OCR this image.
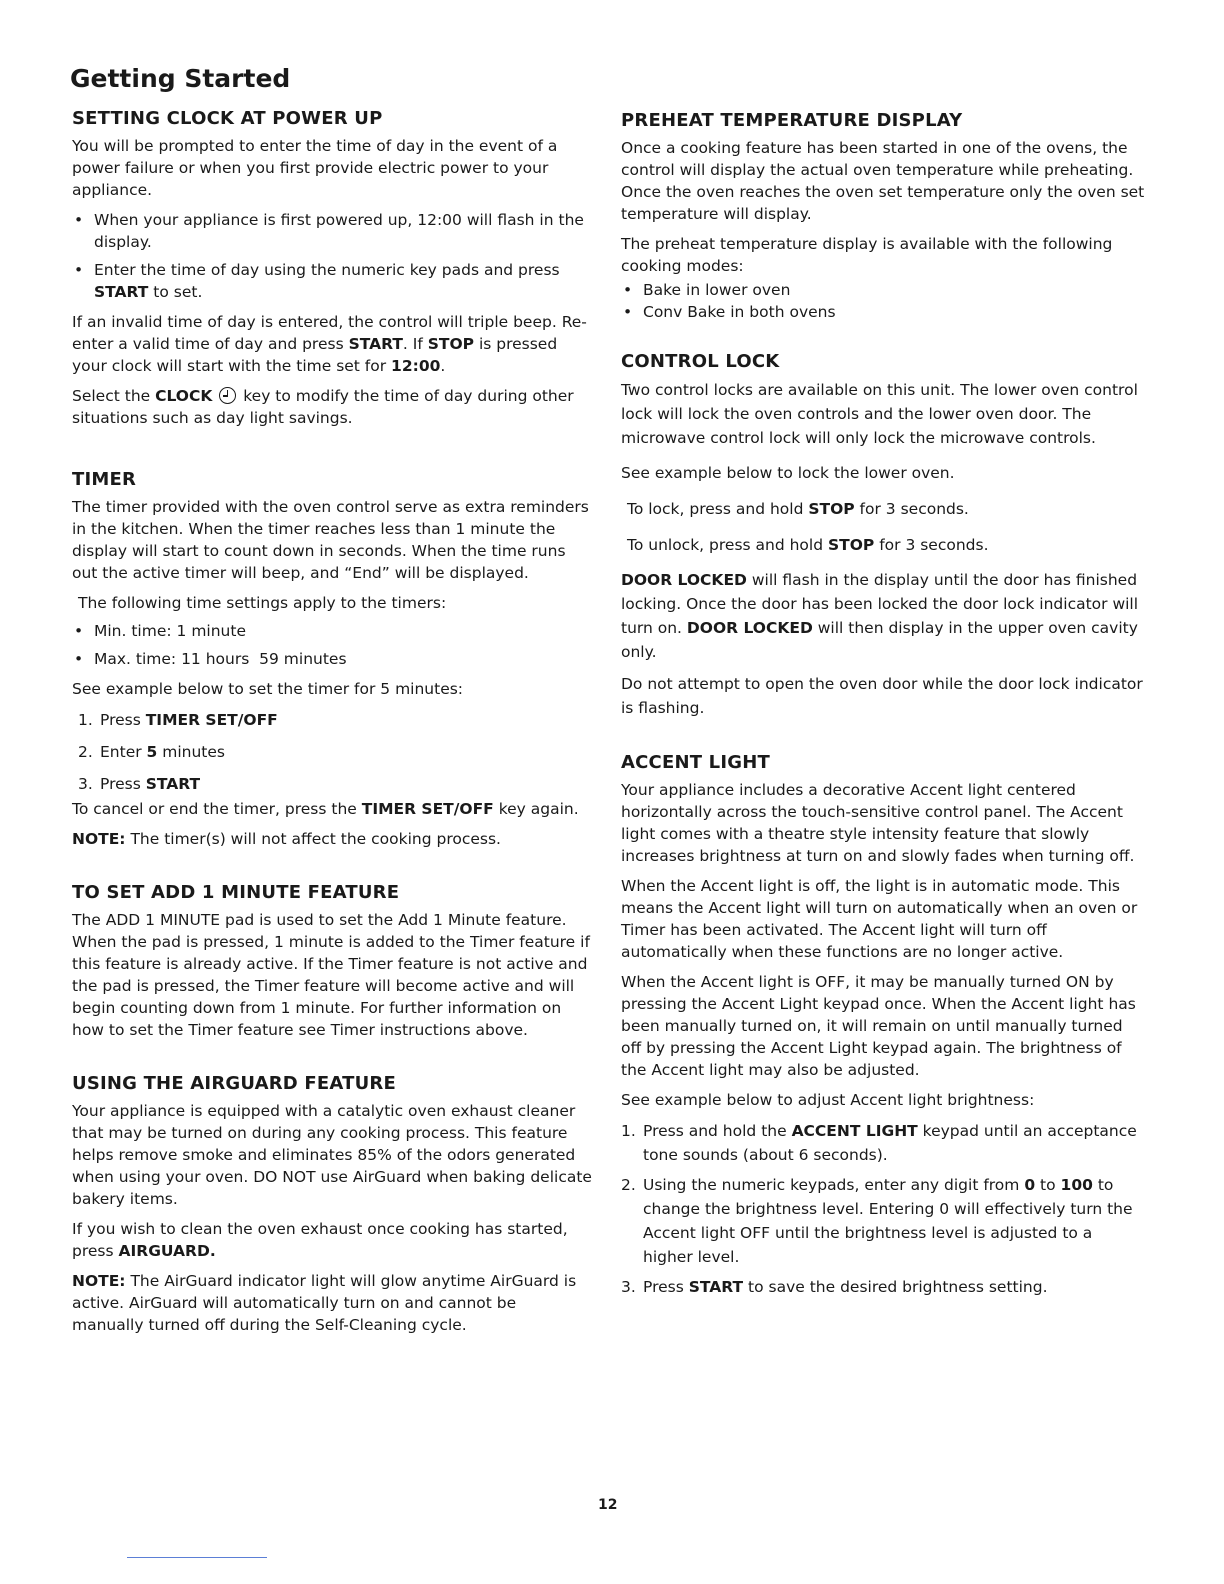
Getting Started
SETTING CLOCK AT POWER UP

You will be prompted to enter the time of day in the event of a power failure or when you first provide electric power to your appliance.

• When your appliance is first powered up, 12:00 will flash in the display.
• Enter the time of day using the numeric key pads and press START to set.

If an invalid time of day is entered, the control will triple beep. Re-enter a valid time of day and press START. If STOP is pressed your clock will start with the time set for 12:00.

Select the CLOCK  key to modify the time of day during other situations such as day light savings.

TIMER

The timer provided with the oven control serve as extra reminders in the kitchen. When the timer reaches less than 1 minute the display will start to count down in seconds. When the time runs out the active timer will beep, and “End” will be displayed.

The following time settings apply to the timers:

• Min. time: 1 minute
• Max. time: 11 hours  59 minutes

See example below to set the timer for 5 minutes:

1. Press TIMER SET/OFF
2. Enter 5 minutes
3. Press START

To cancel or end the timer, press the TIMER SET/OFF key again.

NOTE: The timer(s) will not affect the cooking process.

TO SET ADD 1 MINUTE FEATURE

The ADD 1 MINUTE pad is used to set the Add 1 Minute feature. When the pad is pressed, 1 minute is added to the Timer feature if this feature is already active. If the Timer feature is not active and the pad is pressed, the Timer feature will become active and will begin counting down from 1 minute. For further information on how to set the Timer feature see Timer instructions above.

USING THE AIRGUARD FEATURE

Your appliance is equipped with a catalytic oven exhaust cleaner that may be turned on during any cooking process. This feature helps remove smoke and eliminates 85% of the odors generated when using your oven. DO NOT use AirGuard when baking delicate bakery items.

If you wish to clean the oven exhaust once cooking has started, press AIRGUARD.

NOTE: The AirGuard indicator light will glow anytime AirGuard is active. AirGuard will automatically turn on and cannot be manually turned off during the Self-Cleaning cycle.

PREHEAT TEMPERATURE DISPLAY

Once a cooking feature has been started in one of the ovens, the control will display the actual oven temperature while preheating. Once the oven reaches the oven set temperature only the oven set temperature will display.

The preheat temperature display is available with the following cooking modes:

• Bake in lower oven
• Conv Bake in both ovens
CONTROL LOCK

Two control locks are available on this unit. The lower oven control lock will lock the oven controls and the lower oven door. The microwave control lock will only lock the microwave controls.

See example below to lock the lower oven.

To lock, press and hold STOP for 3 seconds.

To unlock, press and hold STOP for 3 seconds.

DOOR LOCKED will flash in the display until the door has finished locking. Once the door has been locked the door lock indicator will turn on. DOOR LOCKED will then display in the upper oven cavity only.

Do not attempt to open the oven door while the door lock indicator is flashing.

ACCENT LIGHT

Your appliance includes a decorative Accent light centered horizontally across the touch-sensitive control panel. The Accent light comes with a theatre style intensity feature that slowly increases brightness at turn on and slowly fades when turning off.

When the Accent light is off, the light is in automatic mode. This means the Accent light will turn on automatically when an oven or Timer has been activated. The Accent light will turn off automatically when these functions are no longer active.

When the Accent light is OFF, it may be manually turned ON by pressing the Accent Light keypad once. When the Accent light has been manually turned on, it will remain on until manually turned off by pressing the Accent Light keypad again. The brightness of the Accent light may also be adjusted.

See example below to adjust Accent light brightness:

1. Press and hold the ACCENT LIGHT keypad until an acceptance tone sounds (about 6 seconds).
2. Using the numeric keypads, enter any digit from 0 to 100 to change the brightness level. Entering 0 will effectively turn the Accent light OFF until the brightness level is adjusted to a higher level.
3. Press START to save the desired brightness setting.
12
